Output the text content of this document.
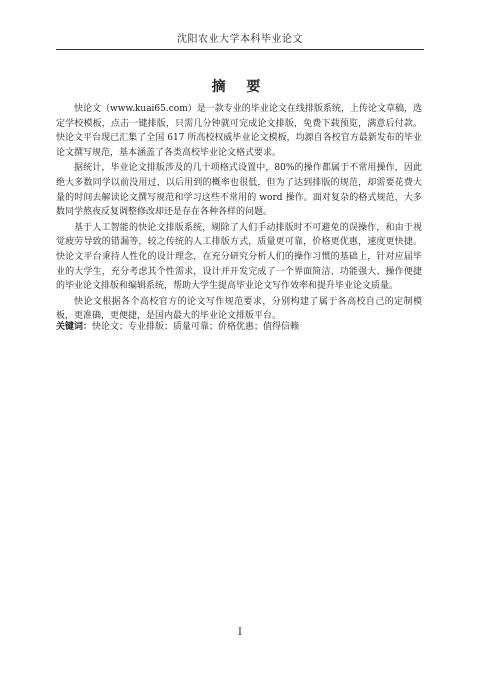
沈阳农业大学本科毕业论文
摘 要

快论文（www.kuai65.com）是一款专业的毕业论文在线排版系统，上传论文草稿，选定学校模板，点击一键排版，只需几分钟就可完成论文排版，免费下载预览，满意后付款。快论文平台现已汇集了全国 617 所高校权威毕业论文模板，均源自各校官方最新发布的毕业论文撰写规范，基本涵盖了各类高校毕业论文格式要求。

据统计，毕业论文排版涉及的几十项格式设置中，80%的操作都属于不常用操作，因此绝大多数同学以前没用过，以后用到的概率也很低，但为了达到排版的规范，却需要花费大量的时间去解读论文撰写规范和学习这些不常用的 word 操作。面对复杂的格式规范，大多数同学熬夜反复调整修改却还是存在各种各样的问题。

基于人工智能的快论文排版系统，剔除了人们手动排版时不可避免的误操作，和由于视觉疲劳导致的错漏等，较之传统的人工排版方式，质量更可靠，价格更优惠，速度更快捷。快论文平台秉持人性化的设计理念，在充分研究分析人们的操作习惯的基础上，针对应届毕业的大学生，充分考虑其个性需求，设计并开发完成了一个界面简洁、功能强大、操作便捷的毕业论文排版和编辑系统，帮助大学生提高毕业论文写作效率和提升毕业论文质量。

快论文根据各个高校官方的论文写作规范要求，分别构建了属于各高校自己的定制模板，更准确，更便捷，是国内最大的毕业论文排版平台。

关键词：快论文；专业排版；质量可靠；价格优惠；值得信赖
I
